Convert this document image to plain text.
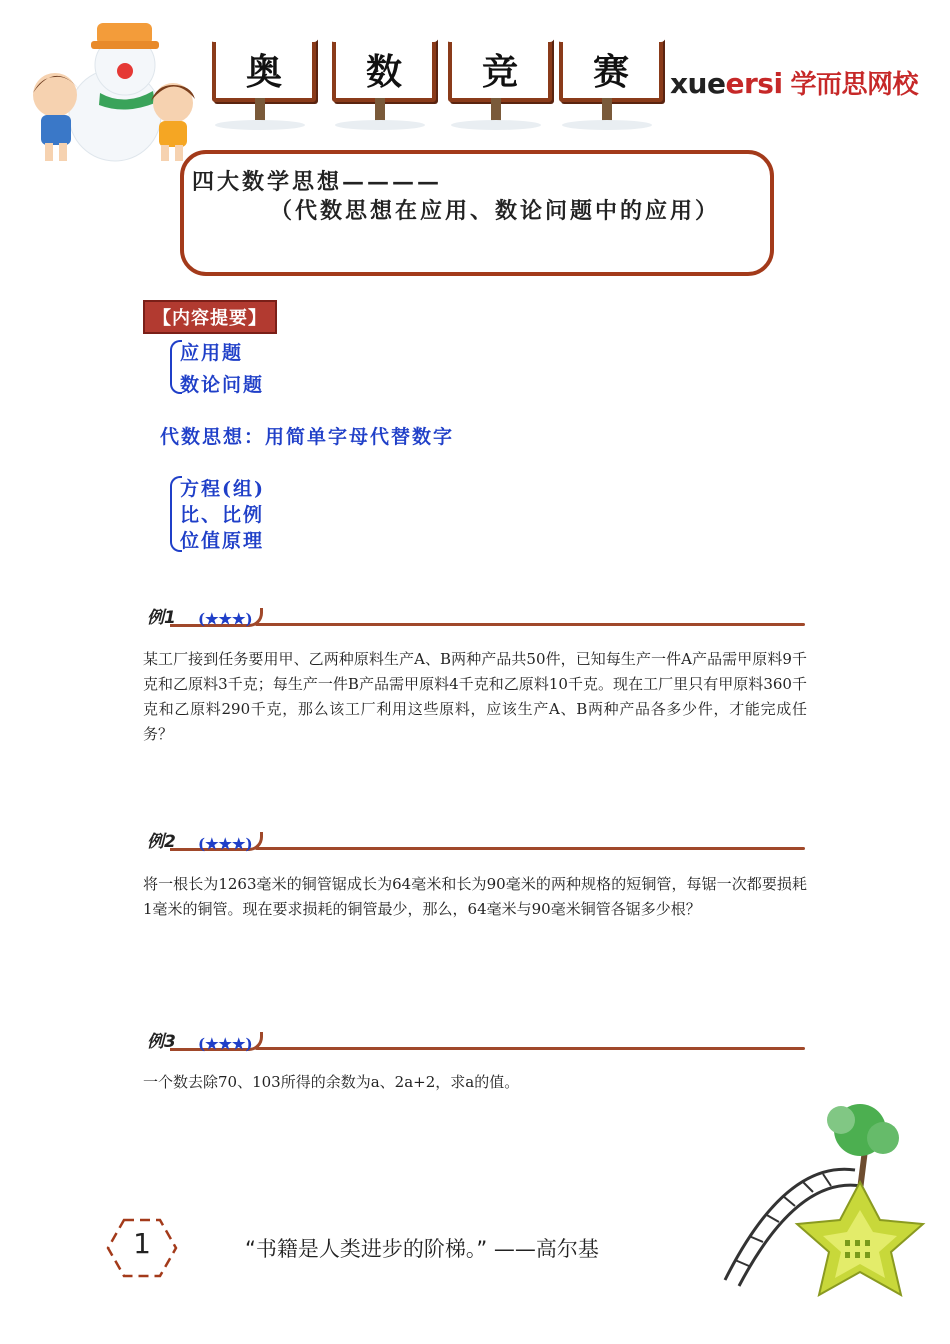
奥	数	竞	赛	xueersi 学而思网校
四大数学思想————
（代数思想在应用、数论问题中的应用）
【内容提要】
应用题
数论问题
代数思想：用简单字母代替数字
方程(组)
比、比例
位值原理
例1 (★★★)
某工厂接到任务要用甲、乙两种原料生产A、B两种产品共50件，已知每生产一件A产品需甲原料9千克和乙原料3千克；每生产一件B产品需甲原料4千克和乙原料10千克。现在工厂里只有甲原料360千克和乙原料290千克，那么该工厂利用这些原料，应该生产A、B两种产品各多少件，才能完成任务？
例2 (★★★)
将一根长为1263毫米的铜管锯成长为64毫米和长为90毫米的两种规格的短铜管，每锯一次都要损耗1毫米的铜管。现在要求损耗的铜管最少，那么，64毫米与90毫米铜管各锯多少根？
例3 (★★★)
一个数去除70、103所得的余数为a、2a+2，求a的值。
1	“书籍是人类进步的阶梯。” ——高尔基
